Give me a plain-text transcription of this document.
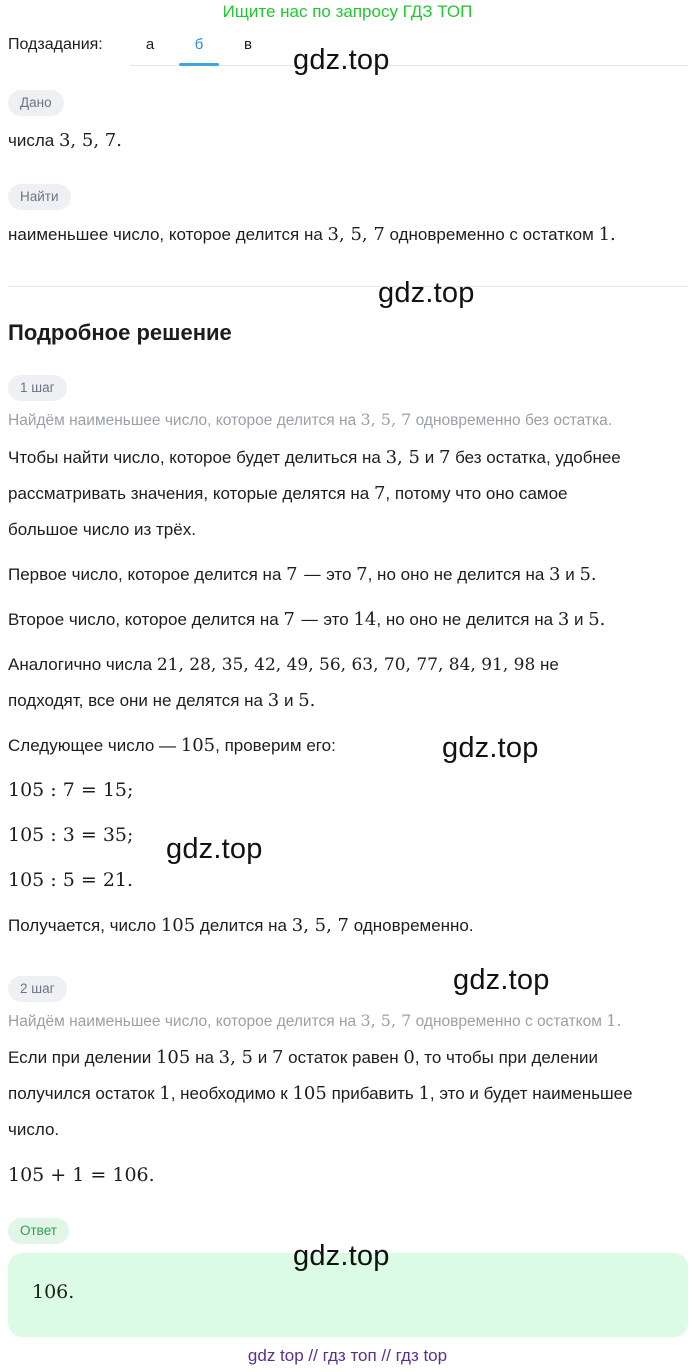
Ищите нас по запросу ГДЗ ТОП
Подзадания:	а	б	в
Дано
числа 3, 5, 7.
Найти
наименьшее число, которое делится на 3, 5, 7 одновременно с остатком 1.
Подробное решение
1 шаг
Найдём наименьшее число, которое делится на 3, 5, 7 одновременно без остатка.
Чтобы найти число, которое будет делиться на 3, 5 и 7 без остатка, удобнее
рассматривать значения, которые делятся на 7, потому что оно самое
большое число из трёх.
Первое число, которое делится на 7 — это 7, но оно не делится на 3 и 5.
Второе число, которое делится на 7 — это 14, но оно не делится на 3 и 5.
Аналогично числа 21, 28, 35, 42, 49, 56, 63, 70, 77, 84, 91, 98 не
подходят, все они не делятся на 3 и 5.
Следующее число — 105, проверим его:
105 : 7 = 15;
105 : 3 = 35;
105 : 5 = 21.
Получается, число 105 делится на 3, 5, 7 одновременно.
2 шаг
Найдём наименьшее число, которое делится на 3, 5, 7 одновременно с остатком 1.
Если при делении 105 на 3, 5 и 7 остаток равен 0, то чтобы при делении
получился остаток 1, необходимо к 105 прибавить 1, это и будет наименьшее
число.
105 + 1 = 106.
Ответ
106.
gdz.top
gdz.top
gdz.top
gdz.top
gdz.top
gdz.top
gdz top // гдз топ // гдз top
